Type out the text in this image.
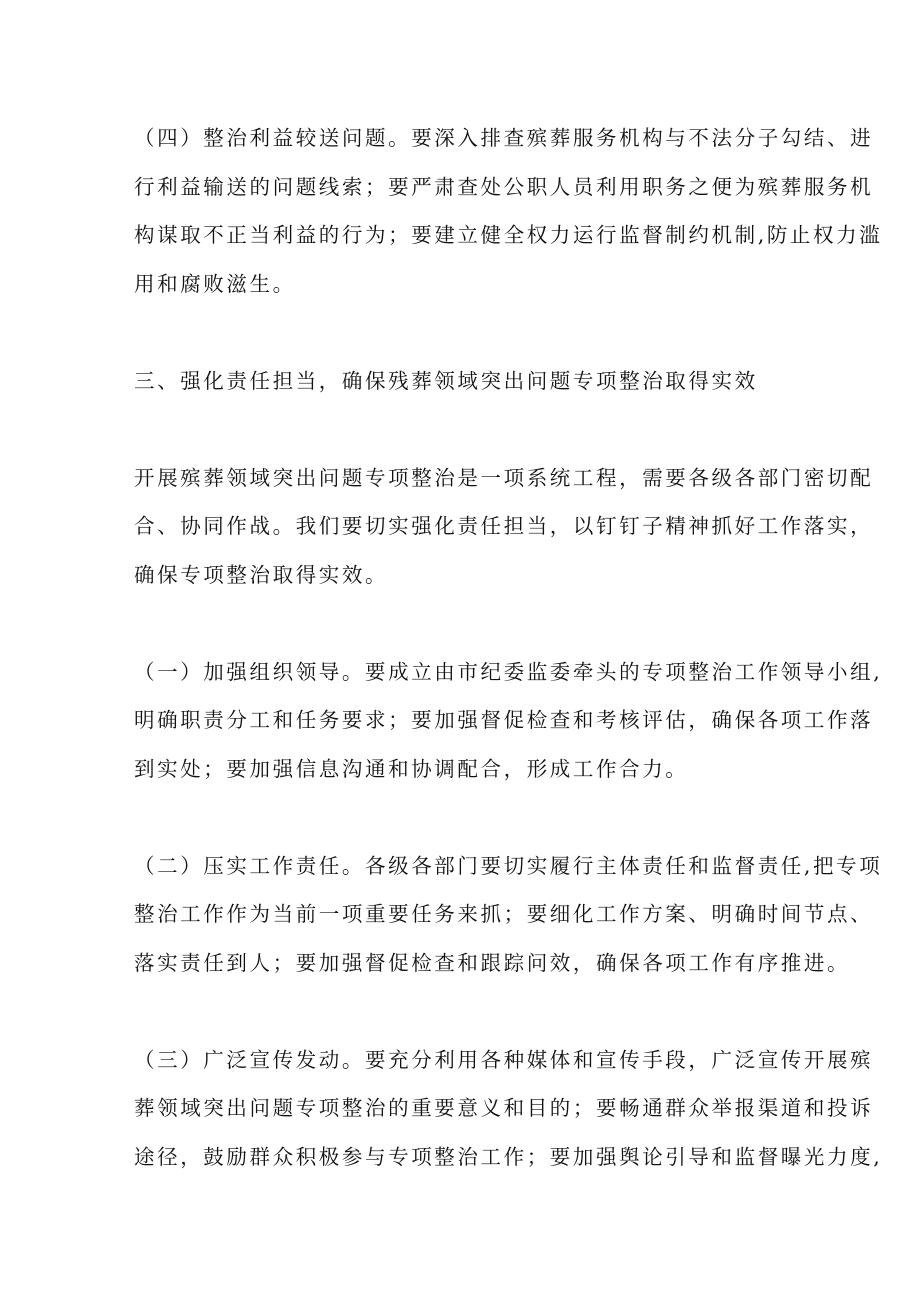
（四）整治利益较送问题。要深入排查殡葬服务机构与不法分子勾结、进
行利益输送的问题线索；要严肃查处公职人员利用职务之便为殡葬服务机
构谋取不正当利益的行为；要建立健全权力运行监督制约机制,防止权力滥
用和腐败滋生。
三、强化责任担当，确保残葬领域突出问题专项整治取得实效
开展殡葬领域突出问题专项整治是一项系统工程，需要各级各部门密切配
合、协同作战。我们要切实强化责任担当，以钉钉子精神抓好工作落实，
确保专项整治取得实效。
（一）加强组织领导。要成立由市纪委监委牵头的专项整治工作领导小组,
明确职责分工和任务要求；要加强督促检查和考核评估，确保各项工作落
到实处；要加强信息沟通和协调配合，形成工作合力。
（二）压实工作责任。各级各部门要切实履行主体责任和监督责任,把专项
整治工作作为当前一项重要任务来抓；要细化工作方案、明确时间节点、
落实责任到人；要加强督促检查和跟踪问效，确保各项工作有序推进。
（三）广泛宣传发动。要充分利用各种媒体和宣传手段，广泛宣传开展殡
葬领域突出问题专项整治的重要意义和目的；要畅通群众举报渠道和投诉
途径，鼓励群众积极参与专项整治工作；要加强舆论引导和监督曝光力度,
